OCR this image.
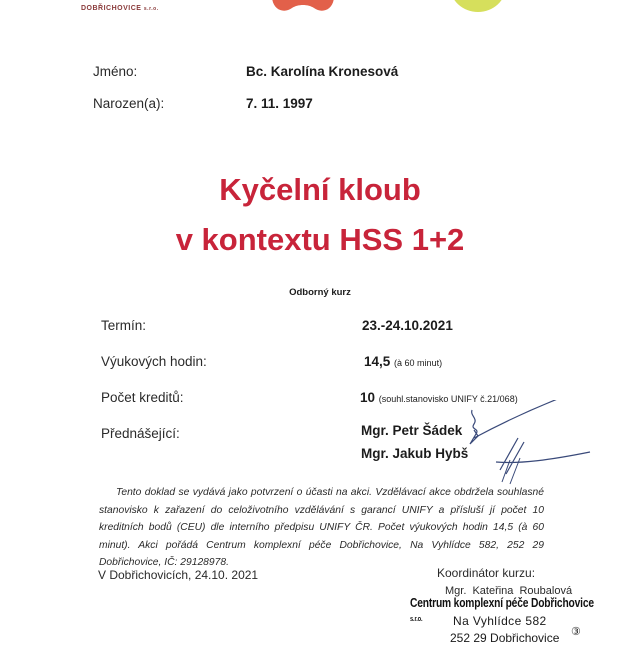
DOBŘICHOVICE s.r.o.
Jméno:	Bc. Karolína Kronesová
Narozen(a):	7. 11. 1997
Kyčelní kloub
v kontextu HSS 1+2
Odborný kurz
Termín:	23.-24.10.2021
Výukových hodin:	14,5 (à 60 minut)
Počet kreditů:	10 (souhl.stanovisko UNIFY č.21/068)
Přednášející:	Mgr. Petr Šádek
Mgr. Jakub Hybš
Tento doklad se vydává jako potvrzení o účasti na akci. Vzdělávací akce obdržela souhlasné stanovisko k zařazení do celoživotního vzdělávání s garancí UNIFY a přísluší jí počet 10 kreditních bodů (CEU) dle interního předpisu UNIFY ČR. Počet výukových hodin 14,5 (à 60 minut). Akci pořádá Centrum komplexní péče Dobřichovice, Na Vyhlídce 582, 252 29 Dobřichovice, IČ: 29128978.
V Dobřichovicích, 24.10. 2021	Koordinátor kurzu:
Mgr. Kateřina Roubalová
Centrum komplexní péče Dobřichovice s.r.o.	Na Vyhlídce 582
252 29 Dobřichovice ③
